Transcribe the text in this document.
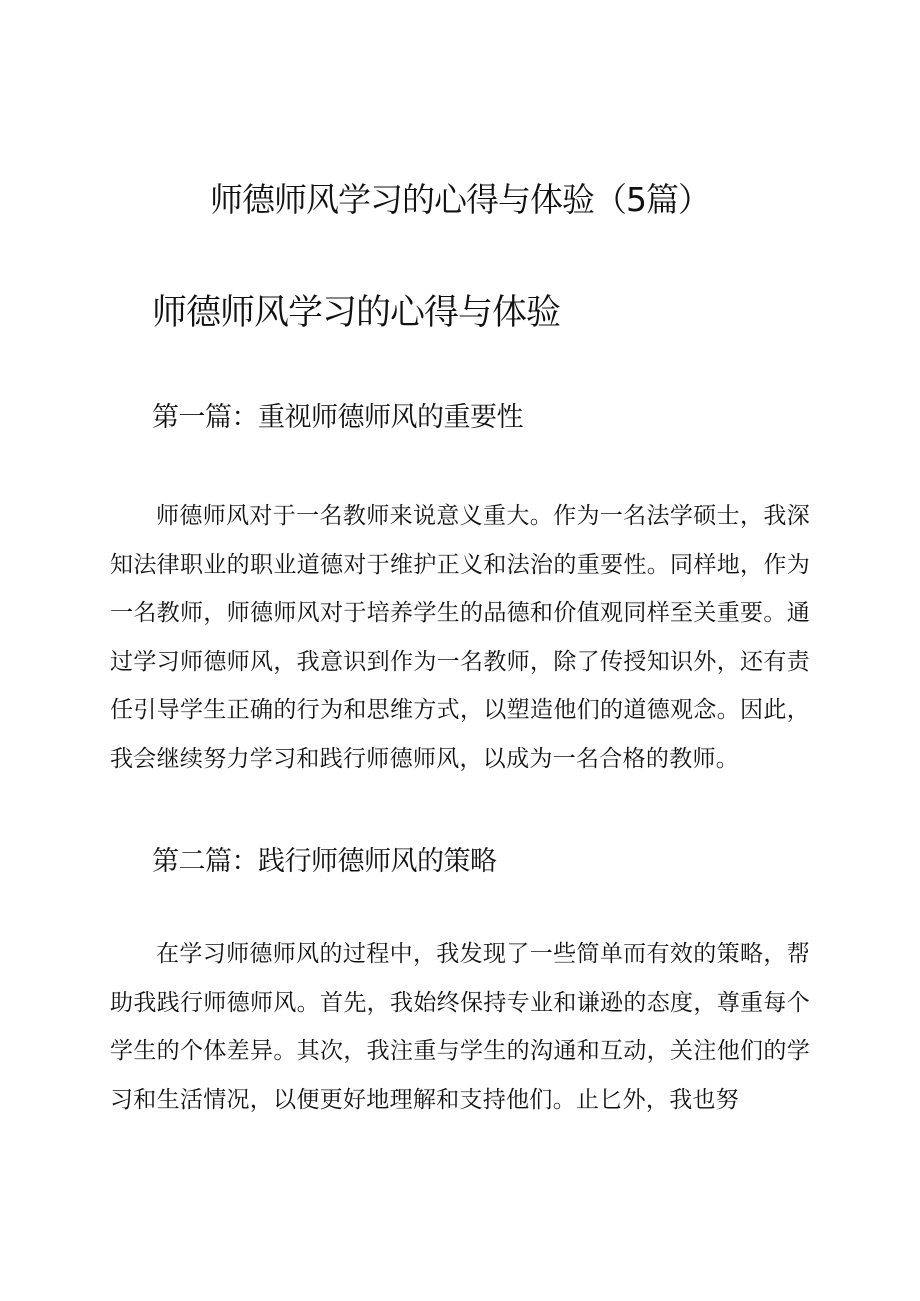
师德师风学习的心得与体验（5篇）
师德师风学习的心得与体验
第一篇：重视师德师风的重要性

师德师风对于一名教师来说意义重大。作为一名法学硕士，我深知法律职业的职业道德对于维护正义和法治的重要性。同样地，作为一名教师，师德师风对于培养学生的品德和价值观同样至关重要。通过学习师德师风，我意识到作为一名教师，除了传授知识外，还有责任引导学生正确的行为和思维方式，以塑造他们的道德观念。因此，我会继续努力学习和践行师德师风，以成为一名合格的教师。

第二篇：践行师德师风的策略

在学习师德师风的过程中，我发现了一些简单而有效的策略，帮助我践行师德师风。首先，我始终保持专业和谦逊的态度，尊重每个学生的个体差异。其次，我注重与学生的沟通和互动，关注他们的学习和生活情况，以便更好地理解和支持他们。止匕外，我也努
